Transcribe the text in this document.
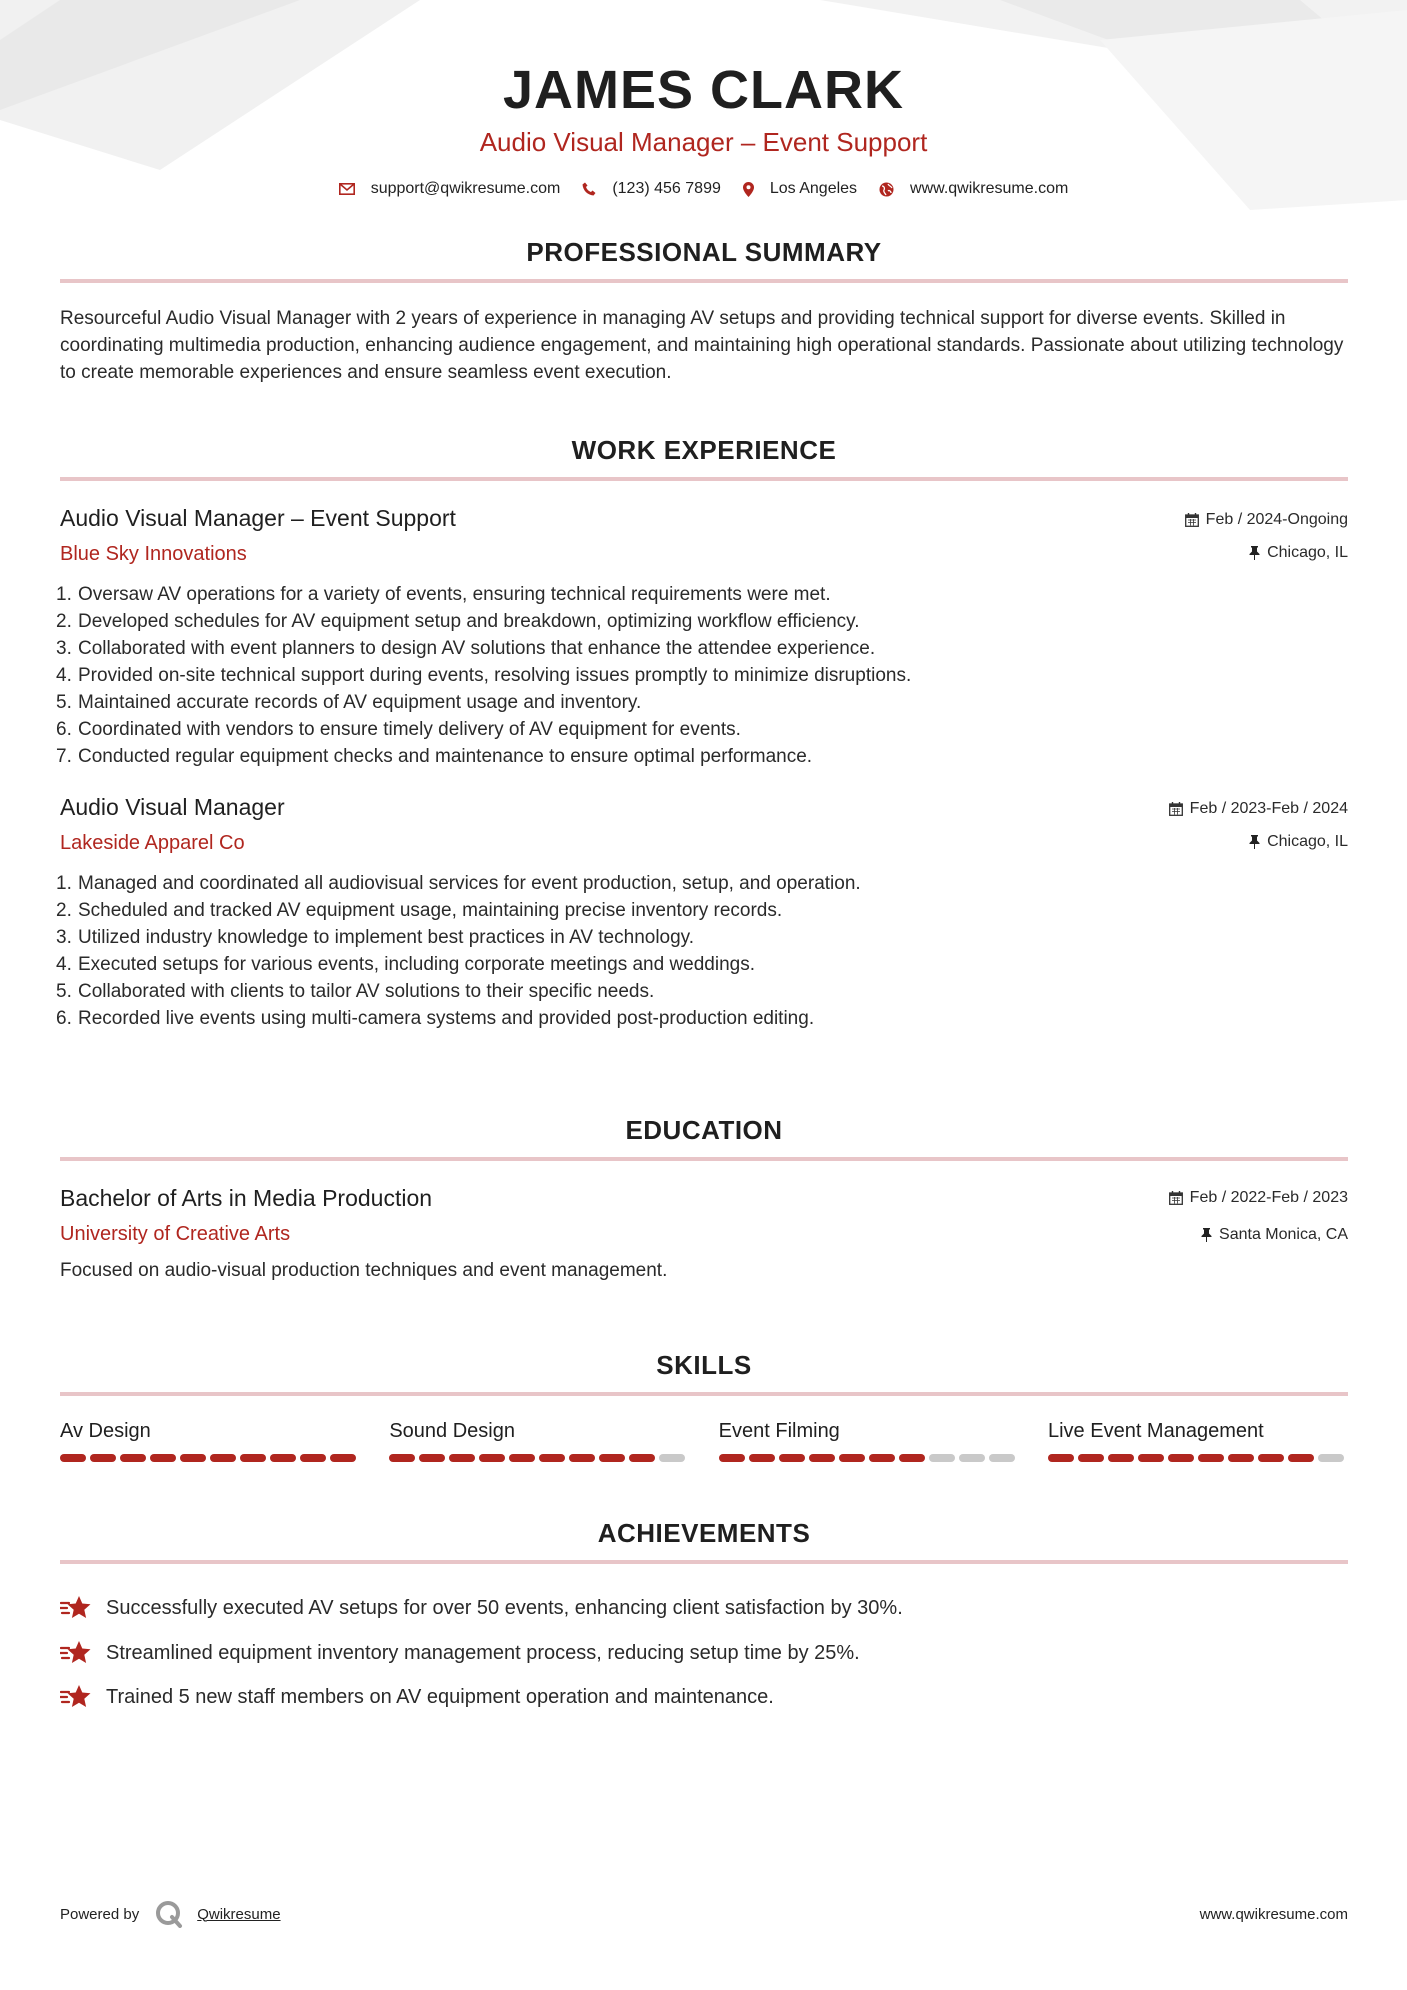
JAMES CLARK
Audio Visual Manager – Event Support
support@qwikresume.com	(123) 456 7899	Los Angeles	www.qwikresume.com
PROFESSIONAL SUMMARY
Resourceful Audio Visual Manager with 2 years of experience in managing AV setups and providing technical support for diverse events. Skilled in coordinating multimedia production, enhancing audience engagement, and maintaining high operational standards. Passionate about utilizing technology to create memorable experiences and ensure seamless event execution.
WORK EXPERIENCE
Audio Visual Manager – Event Support
Blue Sky Innovations
Feb / 2024-Ongoing
Chicago, IL
1. Oversaw AV operations for a variety of events, ensuring technical requirements were met.
2. Developed schedules for AV equipment setup and breakdown, optimizing workflow efficiency.
3. Collaborated with event planners to design AV solutions that enhance the attendee experience.
4. Provided on-site technical support during events, resolving issues promptly to minimize disruptions.
5. Maintained accurate records of AV equipment usage and inventory.
6. Coordinated with vendors to ensure timely delivery of AV equipment for events.
7. Conducted regular equipment checks and maintenance to ensure optimal performance.
Audio Visual Manager
Lakeside Apparel Co
Feb / 2023-Feb / 2024
Chicago, IL
1. Managed and coordinated all audiovisual services for event production, setup, and operation.
2. Scheduled and tracked AV equipment usage, maintaining precise inventory records.
3. Utilized industry knowledge to implement best practices in AV technology.
4. Executed setups for various events, including corporate meetings and weddings.
5. Collaborated with clients to tailor AV solutions to their specific needs.
6. Recorded live events using multi-camera systems and provided post-production editing.
EDUCATION
Bachelor of Arts in Media Production
University of Creative Arts
Feb / 2022-Feb / 2023
Santa Monica, CA
Focused on audio-visual production techniques and event management.
SKILLS
Av Design	Sound Design	Event Filming	Live Event Management
ACHIEVEMENTS
Successfully executed AV setups for over 50 events, enhancing client satisfaction by 30%.
Streamlined equipment inventory management process, reducing setup time by 25%.
Trained 5 new staff members on AV equipment operation and maintenance.
Powered by	Qwikresume	www.qwikresume.com
